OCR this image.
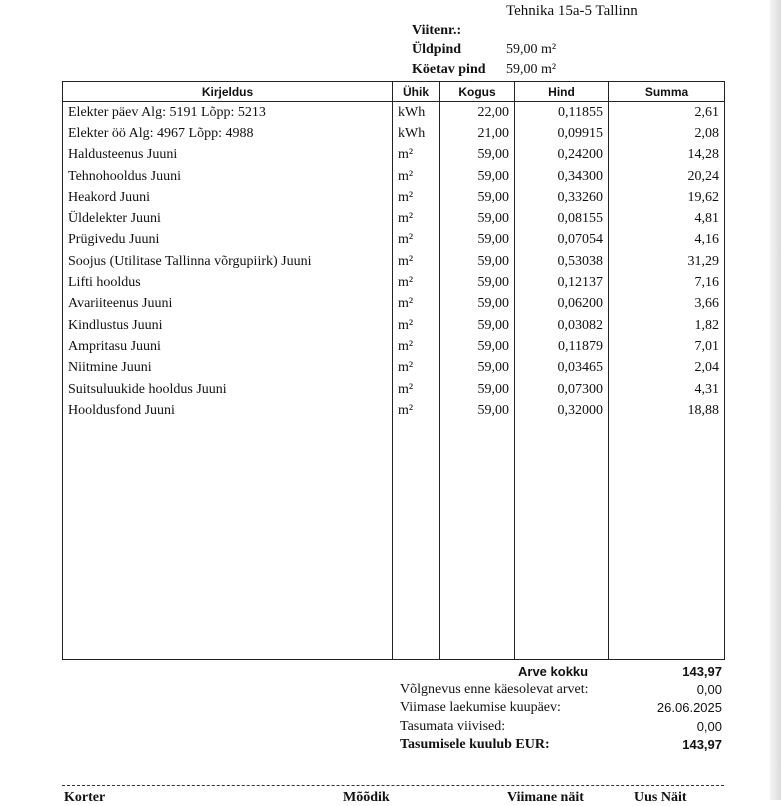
Tehnika 15a-5 Tallinn
Viitenr.:
Üldpind	59,00 m²
Köetav pind 59,00 m²
Kirjeldus	Ühik	Kogus	Hind	Summa
Elekter päev Alg: 5191 Lõpp: 5213	kWh	22,00	0,11855	2,61
Elekter öö Alg: 4967 Lõpp: 4988	kWh	21,00	0,09915	2,08
Haldusteenus Juuni	m²	59,00	0,24200	14,28
Tehnohooldus Juuni	m²	59,00	0,34300	20,24
Heakord Juuni	m²	59,00	0,33260	19,62
Üldelekter Juuni	m²	59,00	0,08155	4,81
Prügivedu Juuni	m²	59,00	0,07054	4,16
Soojus (Utilitase Tallinna võrgupiirk) Juuni	m²	59,00	0,53038	31,29
Lifti hooldus	m²	59,00	0,12137	7,16
Avariiteenus Juuni	m²	59,00	0,06200	3,66
Kindlustus Juuni	m²	59,00	0,03082	1,82
Ampritasu Juuni	m²	59,00	0,11879	7,01
Niitmine Juuni	m²	59,00	0,03465	2,04
Suitsuluukide hooldus Juuni	m²	59,00	0,07300	4,31
Hooldusfond Juuni	m²	59,00	0,32000	18,88

Arve kokku	143,97
Võlgnevus enne käesolevat arvet:	0,00
Viimase laekumise kuupäev:	26.06.2025
Tasumata viivised:	0,00
Tasumisele kuulub EUR:	143,97
Korter	Mõõdik	Viimane näit	Uus Näit
